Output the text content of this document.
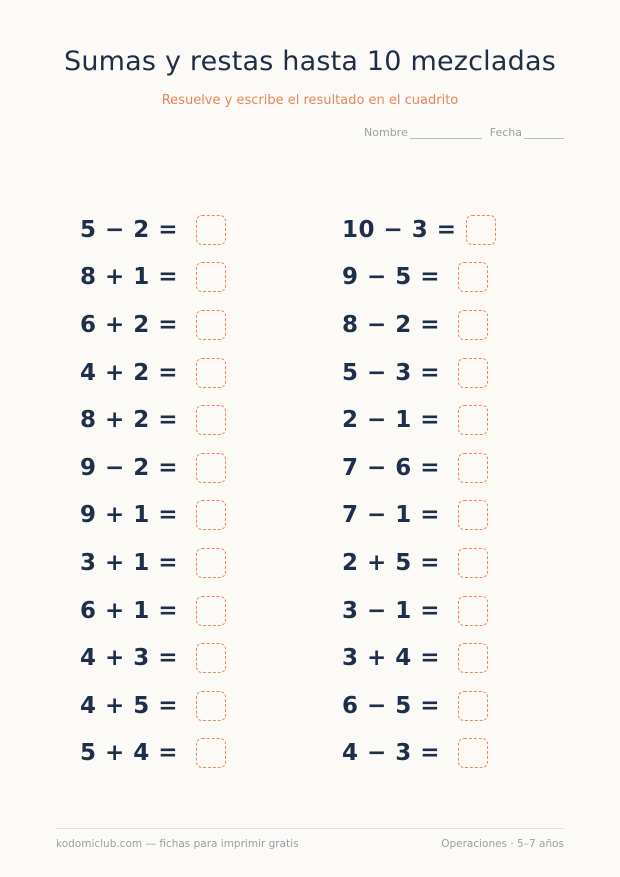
Sumas y restas hasta 10 mezcladas
Resuelve y escribe el resultado en el cuadrito
Nombre	Fecha
5 − 2 =
8 + 1 =
6 + 2 =
4 + 2 =
8 + 2 =
9 − 2 =
9 + 1 =
3 + 1 =
6 + 1 =
4 + 3 =
4 + 5 =
5 + 4 =
10 − 3 =
9 − 5 =
8 − 2 =
5 − 3 =
2 − 1 =
7 − 6 =
7 − 1 =
2 + 5 =
3 − 1 =
3 + 4 =
6 − 5 =
4 − 3 =
kodomiclub.com — fichas para imprimir gratis	Operaciones · 5–7 años
